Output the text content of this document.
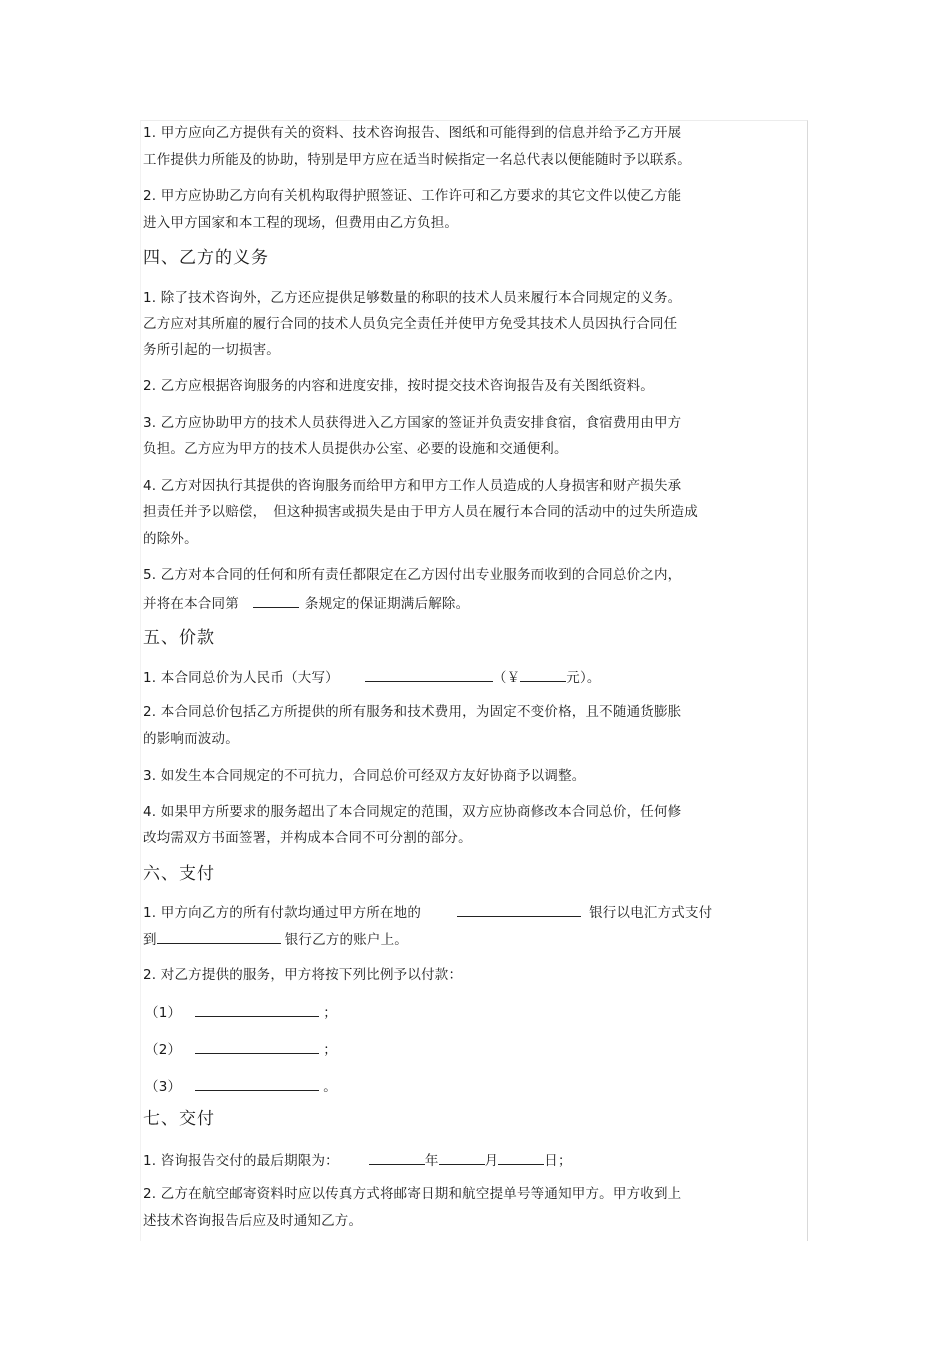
1. 甲方应向乙方提供有关的资料、技术咨询报告、图纸和可能得到的信息并给予乙方开展
工作提供力所能及的协助，特别是甲方应在适当时候指定一名总代表以便能随时予以联系。
2. 甲方应协助乙方向有关机构取得护照签证、工作许可和乙方要求的其它文件以使乙方能
进入甲方国家和本工程的现场，但费用由乙方负担。
四、乙方的义务
1. 除了技术咨询外，乙方还应提供足够数量的称职的技术人员来履行本合同规定的义务。
乙方应对其所雇的履行合同的技术人员负完全责任并使甲方免受其技术人员因执行合同任
务所引起的一切损害。
2. 乙方应根据咨询服务的内容和进度安排，按时提交技术咨询报告及有关图纸资料。
3. 乙方应协助甲方的技术人员获得进入乙方国家的签证并负责安排食宿，食宿费用由甲方
负担。乙方应为甲方的技术人员提供办公室、必要的设施和交通便利。
4. 乙方对因执行其提供的咨询服务而给甲方和甲方工作人员造成的人身损害和财产损失承
担责任并予以赔偿，　但这种损害或损失是由于甲方人员在履行本合同的活动中的过失所造成
的除外。
5. 乙方对本合同的任何和所有责任都限定在乙方因付出专业服务而收到的合同总价之内，
并将在本合同第	条规定的保证期满后解除。
五、价款
1. 本合同总价为人民币（大写）	（￥	元）。
2. 本合同总价包括乙方所提供的所有服务和技术费用，为固定不变价格，且不随通货膨胀
的影响而波动。
3. 如发生本合同规定的不可抗力，合同总价可经双方友好协商予以调整。
4. 如果甲方所要求的服务超出了本合同规定的范围，双方应协商修改本合同总价，任何修
改均需双方书面签署，并构成本合同不可分割的部分。
六、支付
1. 甲方向乙方的所有付款均通过甲方所在地的	银行以电汇方式支付
到	银行乙方的账户上。
2. 对乙方提供的服务，甲方将按下列比例予以付款：
（1）	；
（2）	；
（3）	。
七、交付
1. 咨询报告交付的最后期限为：	年	月	日；
2. 乙方在航空邮寄资料时应以传真方式将邮寄日期和航空提单号等通知甲方。甲方收到上
述技术咨询报告后应及时通知乙方。
